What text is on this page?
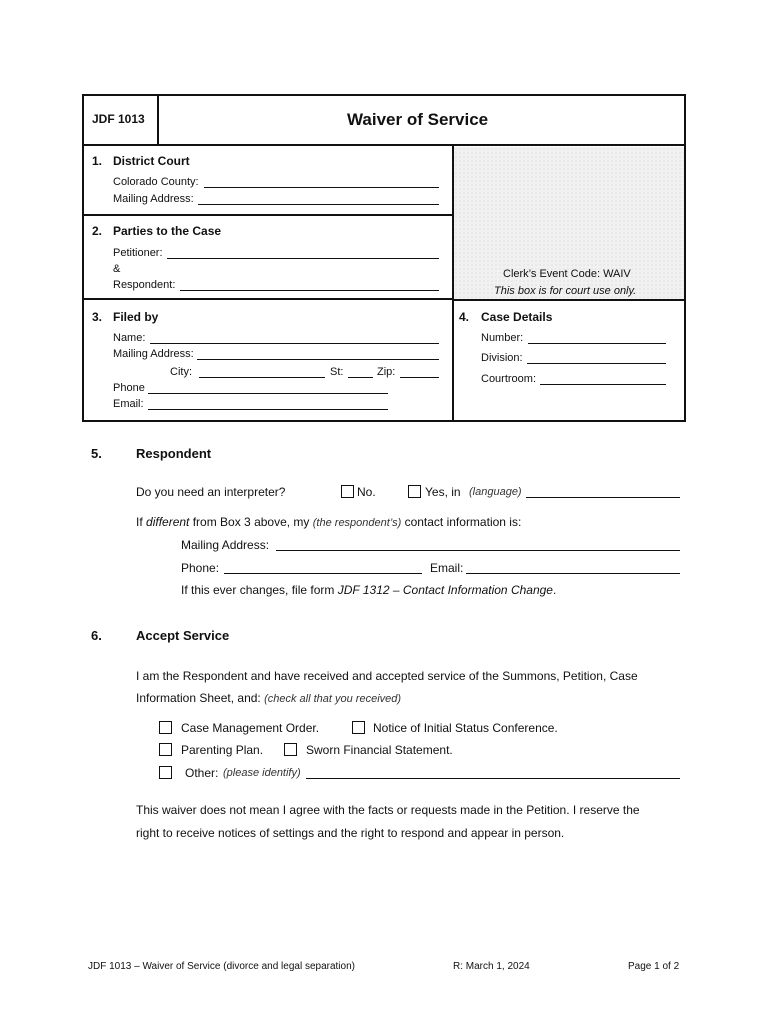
JDF 1013	Waiver of Service
1. District Court
Colorado County:
Mailing Address:
2. Parties to the Case
Petitioner:
&
Respondent:
Clerk’s Event Code: WAIV
This box is for court use only.
3. Filed by
Name:
Mailing Address:
City:	St:	Zip:
Phone
Email:
4. Case Details
Number:
Division:
Courtroom:
5.	Respondent
Do you need an interpreter?	No.	Yes, in (language)
If different from Box 3 above, my (the respondent’s) contact information is:
Mailing Address:
Phone:	Email:
If this ever changes, file form JDF 1312 – Contact Information Change.
6.	Accept Service
I am the Respondent and have received and accepted service of the Summons, Petition, Case
Information Sheet, and: (check all that you received)
Case Management Order.	Notice of Initial Status Conference.
Parenting Plan.	Sworn Financial Statement.
Other: (please identify)
This waiver does not mean I agree with the facts or requests made in the Petition. I reserve the
right to receive notices of settings and the right to respond and appear in person.
JDF 1013 – Waiver of Service (divorce and legal separation)	R: March 1, 2024	Page 1 of 2
